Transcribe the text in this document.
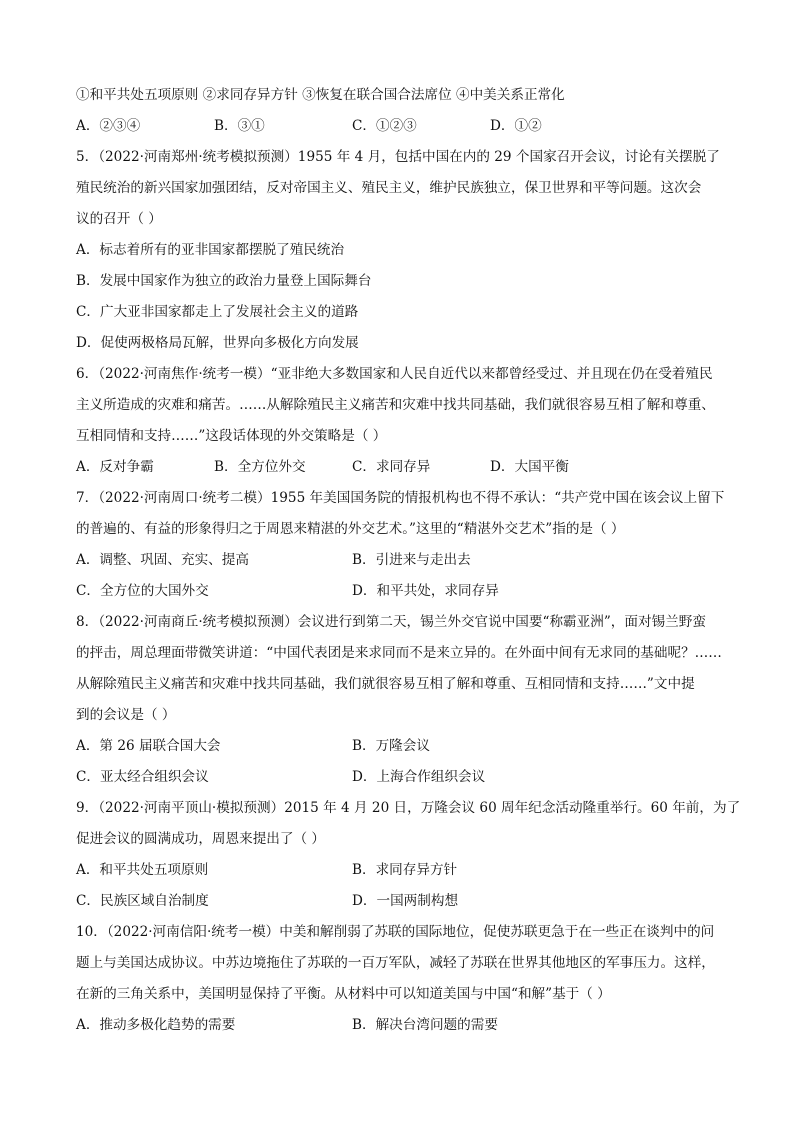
①和平共处五项原则 ②求同存异方针 ③恢复在联合国合法席位 ④中美关系正常化
A．②③④	B．③①	C．①②③	D．①②
5．（2022·河南郑州·统考模拟预测）1955 年 4 月，包括中国在内的 29 个国家召开会议，讨论有关摆脱了
殖民统治的新兴国家加强团结，反对帝国主义、殖民主义，维护民族独立，保卫世界和平等问题。这次会
议的召开（ ）
A．标志着所有的亚非国家都摆脱了殖民统治
B．发展中国家作为独立的政治力量登上国际舞台
C．广大亚非国家都走上了发展社会主义的道路
D．促使两极格局瓦解，世界向多极化方向发展
6．（2022·河南焦作·统考一模）“亚非绝大多数国家和人民自近代以来都曾经受过、并且现在仍在受着殖民
主义所造成的灾难和痛苦。……从解除殖民主义痛苦和灾难中找共同基础，我们就很容易互相了解和尊重、
互相同情和支持……”这段话体现的外交策略是（ ）
A．反对争霸	B．全方位外交	C．求同存异	D．大国平衡
7．（2022·河南周口·统考二模）1955 年美国国务院的情报机构也不得不承认：“共产党中国在该会议上留下
的普遍的、有益的形象得归之于周恩来精湛的外交艺术。”这里的“精湛外交艺术”指的是（ ）
A．调整、巩固、充实、提高	B．引进来与走出去
C．全方位的大国外交	D．和平共处，求同存异
8．（2022·河南商丘·统考模拟预测）会议进行到第二天，锡兰外交官说中国要“称霸亚洲”，面对锡兰野蛮
的抨击，周总理面带微笑讲道：“中国代表团是来求同而不是来立异的。在外面中间有无求同的基础呢？……
从解除殖民主义痛苦和灾难中找共同基础，我们就很容易互相了解和尊重、互相同情和支持……”文中提
到的会议是（ ）
A．第 26 届联合国大会	B．万隆会议
C．亚太经合组织会议	D．上海合作组织会议
9．（2022·河南平顶山·模拟预测）2015 年 4 月 20 日，万隆会议 60 周年纪念活动隆重举行。60 年前，为了
促进会议的圆满成功，周恩来提出了（ ）
A．和平共处五项原则	B．求同存异方针
C．民族区域自治制度	D．一国两制构想
10．（2022·河南信阳·统考一模）中美和解削弱了苏联的国际地位，促使苏联更急于在一些正在谈判中的问
题上与美国达成协议。中苏边境拖住了苏联的一百万军队，减轻了苏联在世界其他地区的军事压力。这样，
在新的三角关系中，美国明显保持了平衡。从材料中可以知道美国与中国“和解”基于（ ）
A．推动多极化趋势的需要	B．解决台湾问题的需要
